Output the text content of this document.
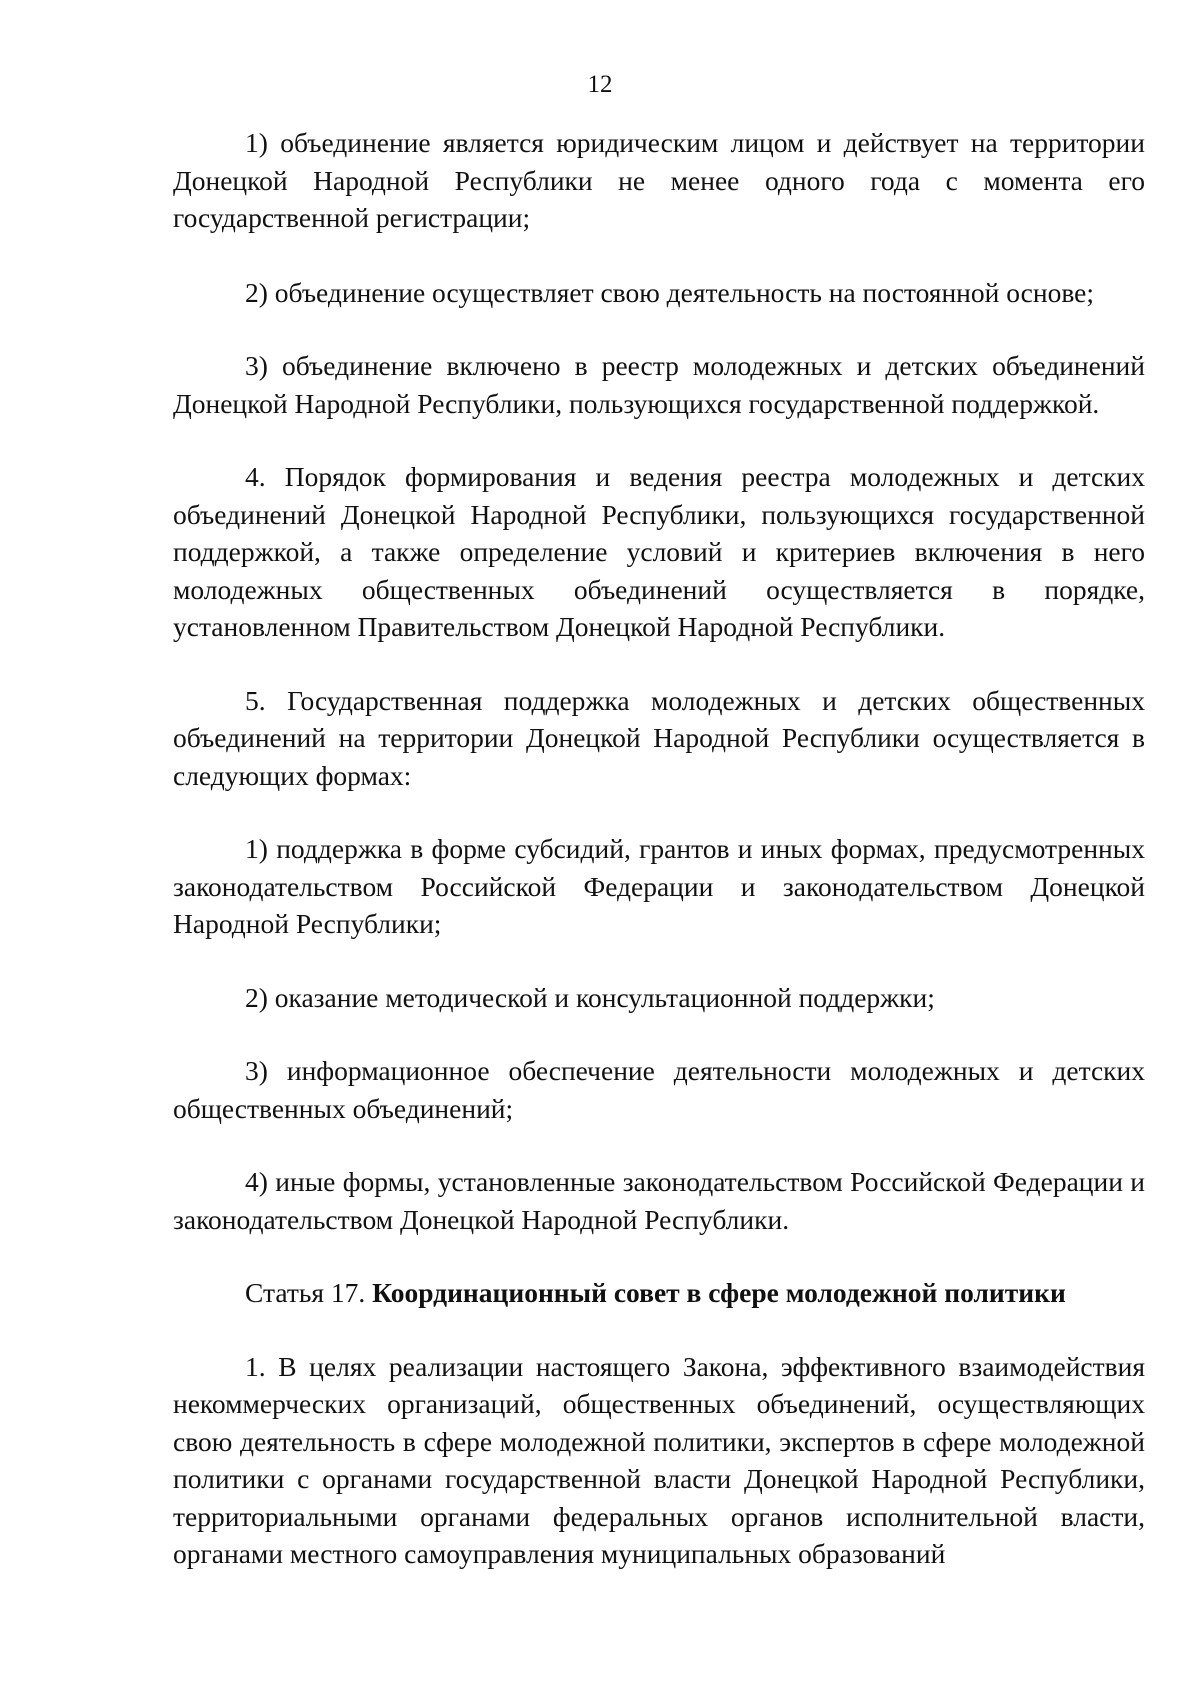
12

1) объединение является юридическим лицом и действует на территории Донецкой Народной Республики не менее одного года с момента его государственной регистрации;

2) объединение осуществляет свою деятельность на постоянной основе;

3) объединение включено в реестр молодежных и детских объединений Донецкой Народной Республики, пользующихся государственной поддержкой.

4. Порядок формирования и ведения реестра молодежных и детских объединений Донецкой Народной Республики, пользующихся государственной поддержкой, а также определение условий и критериев включения в него молодежных общественных объединений осуществляется в порядке, установленном Правительством Донецкой Народной Республики.

5. Государственная поддержка молодежных и детских общественных объединений на территории Донецкой Народной Республики осуществляется в следующих формах:

1) поддержка в форме субсидий, грантов и иных формах, предусмотренных законодательством Российской Федерации и законодательством Донецкой Народной Республики;

2) оказание методической и консультационной поддержки;

3) информационное обеспечение деятельности молодежных и детских общественных объединений;

4) иные формы, установленные законодательством Российской Федерации и законодательством Донецкой Народной Республики.

Статья 17. Координационный совет в сфере молодежной политики

1. В целях реализации настоящего Закона, эффективного взаимодействия некоммерческих организаций, общественных объединений, осуществляющих свою деятельность в сфере молодежной политики, экспертов в сфере молодежной политики с органами государственной власти Донецкой Народной Республики, территориальными органами федеральных органов исполнительной власти, органами местного самоуправления муниципальных образований
